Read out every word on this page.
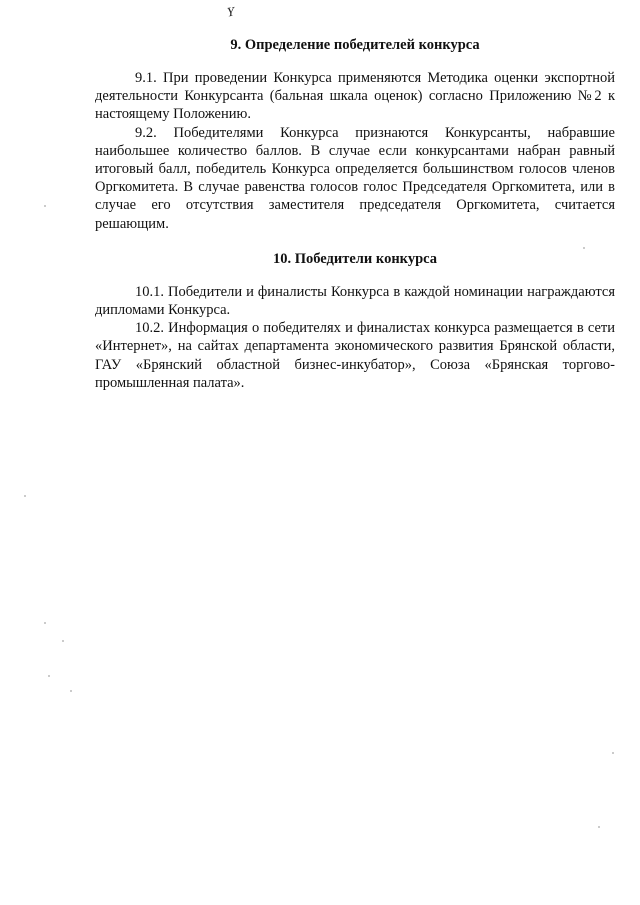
Ү
9. Определение победителей конкурса

9.1. При проведении Конкурса применяются Методика оценки экспортной деятельности Конкурсанта (бальная шкала оценок) согласно Приложению №2 к настоящему Положению.

9.2. Победителями Конкурса признаются Конкурсанты, набравшие наибольшее количество баллов. В случае если конкурсантами набран равный итоговый балл, победитель Конкурса определяется большинством голосов членов Оргкомитета. В случае равенства голосов голос Председателя Оргкомитета, или в случае его отсутствия заместителя председателя Оргкомитета, считается решающим.

10. Победители конкурса

10.1. Победители и финалисты Конкурса в каждой номинации награждаются дипломами Конкурса.

10.2. Информация о победителях и финалистах конкурса размещается в сети «Интернет», на сайтах департамента экономического развития Брянской области, ГАУ «Брянский областной бизнес-инкубатор», Союза «Брянская торгово-промышленная палата».
